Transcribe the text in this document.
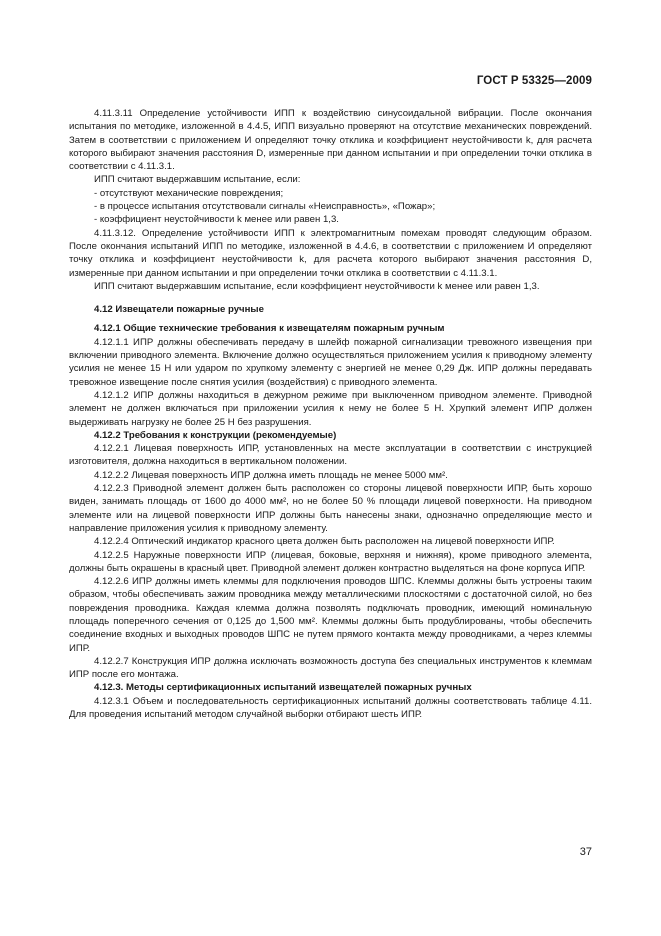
ГОСТ Р 53325—2009

4.11.3.11 Определение устойчивости ИПП к воздействию синусоидальной вибрации. После окончания испытания по методике, изложенной в 4.4.5, ИПП визуально проверяют на отсутствие механических повреждений. Затем в соответствии с приложением И определяют точку отклика и коэффициент неустойчивости k, для расчета которого выбирают значения расстояния D, измеренные при данном испытании и при определении точки отклика в соответствии с 4.11.3.1.

ИПП считают выдержавшим испытание, если:

- отсутствуют механические повреждения;

- в процессе испытания отсутствовали сигналы «Неисправность», «Пожар»;

- коэффициент неустойчивости k менее или равен 1,3.

4.11.3.12. Определение устойчивости ИПП к электромагнитным помехам проводят следующим образом. После окончания испытаний ИПП по методике, изложенной в 4.4.6, в соответствии с приложением И определяют точку отклика и коэффициент неустойчивости k, для расчета которого выбирают значения расстояния D, измеренные при данном испытании и при определении точки отклика в соответствии с 4.11.3.1.

ИПП считают выдержавшим испытание, если коэффициент неустойчивости k менее или равен 1,3.

4.12 Извещатели пожарные ручные

4.12.1 Общие технические требования к извещателям пожарным ручным

4.12.1.1 ИПР должны обеспечивать передачу в шлейф пожарной сигнализации тревожного извещения при включении приводного элемента. Включение должно осуществляться приложением усилия к приводному элементу усилия не менее 15 Н или ударом по хрупкому элементу с энергией не менее 0,29 Дж. ИПР должны передавать тревожное извещение после снятия усилия (воздействия) с приводного элемента.

4.12.1.2 ИПР должны находиться в дежурном режиме при выключенном приводном элементе. Приводной элемент не должен включаться при приложении усилия к нему не более 5 Н. Хрупкий элемент ИПР должен выдерживать нагрузку не более 25 Н без разрушения.

4.12.2 Требования к конструкции (рекомендуемые)

4.12.2.1 Лицевая поверхность ИПР, установленных на месте эксплуатации в соответствии с инструкцией изготовителя, должна находиться в вертикальном положении.

4.12.2.2 Лицевая поверхность ИПР должна иметь площадь не менее 5000 мм².

4.12.2.3 Приводной элемент должен быть расположен со стороны лицевой поверхности ИПР, быть хорошо виден, занимать площадь от 1600 до 4000 мм², но не более 50 % площади лицевой поверхности. На приводном элементе или на лицевой поверхности ИПР должны быть нанесены знаки, однозначно определяющие место и направление приложения усилия к приводному элементу.

4.12.2.4 Оптический индикатор красного цвета должен быть расположен на лицевой поверхности ИПР.

4.12.2.5 Наружные поверхности ИПР (лицевая, боковые, верхняя и нижняя), кроме приводного элемента, должны быть окрашены в красный цвет. Приводной элемент должен контрастно выделяться на фоне корпуса ИПР.

4.12.2.6 ИПР должны иметь клеммы для подключения проводов ШПС. Клеммы должны быть устроены таким образом, чтобы обеспечивать зажим проводника между металлическими плоскостями с достаточной силой, но без повреждения проводника. Каждая клемма должна позволять подключать проводник, имеющий номинальную площадь поперечного сечения от 0,125 до 1,500 мм². Клеммы должны быть продублированы, чтобы обеспечить соединение входных и выходных проводов ШПС не путем прямого контакта между проводниками, а через клеммы ИПР.

4.12.2.7 Конструкция ИПР должна исключать возможность доступа без специальных инструментов к клеммам ИПР после его монтажа.

4.12.3. Методы сертификационных испытаний извещателей пожарных ручных

4.12.3.1 Объем и последовательность сертификационных испытаний должны соответствовать таблице 4.11. Для проведения испытаний методом случайной выборки отбирают шесть ИПР.

37
